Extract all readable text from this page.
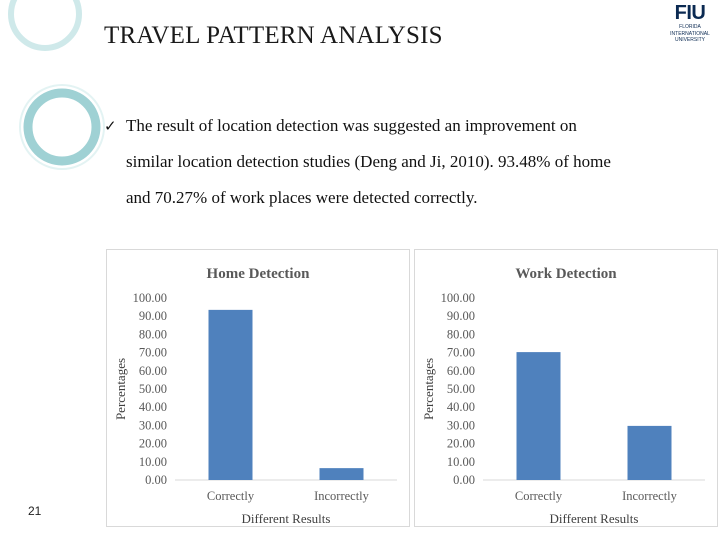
TRAVEL PATTERN ANALYSIS
FIU
FLORIDA
INTERNATIONAL
UNIVERSITY
✓ The result of location detection was suggested an improvement on
similar location detection studies (Deng and Ji, 2010). 93.48% of home
and 70.27% of work places were detected correctly.
Home Detection
0.00
10.00
20.00
30.00
40.00
50.00
60.00
70.00
80.00
90.00
100.00
Percentages
Correctly	Incorrectly
Different Results
Work Detection
0.00
10.00
20.00
30.00
40.00
50.00
60.00
70.00
80.00
90.00
100.00
Percentages
Correctly	Incorrectly
Different Results
21
